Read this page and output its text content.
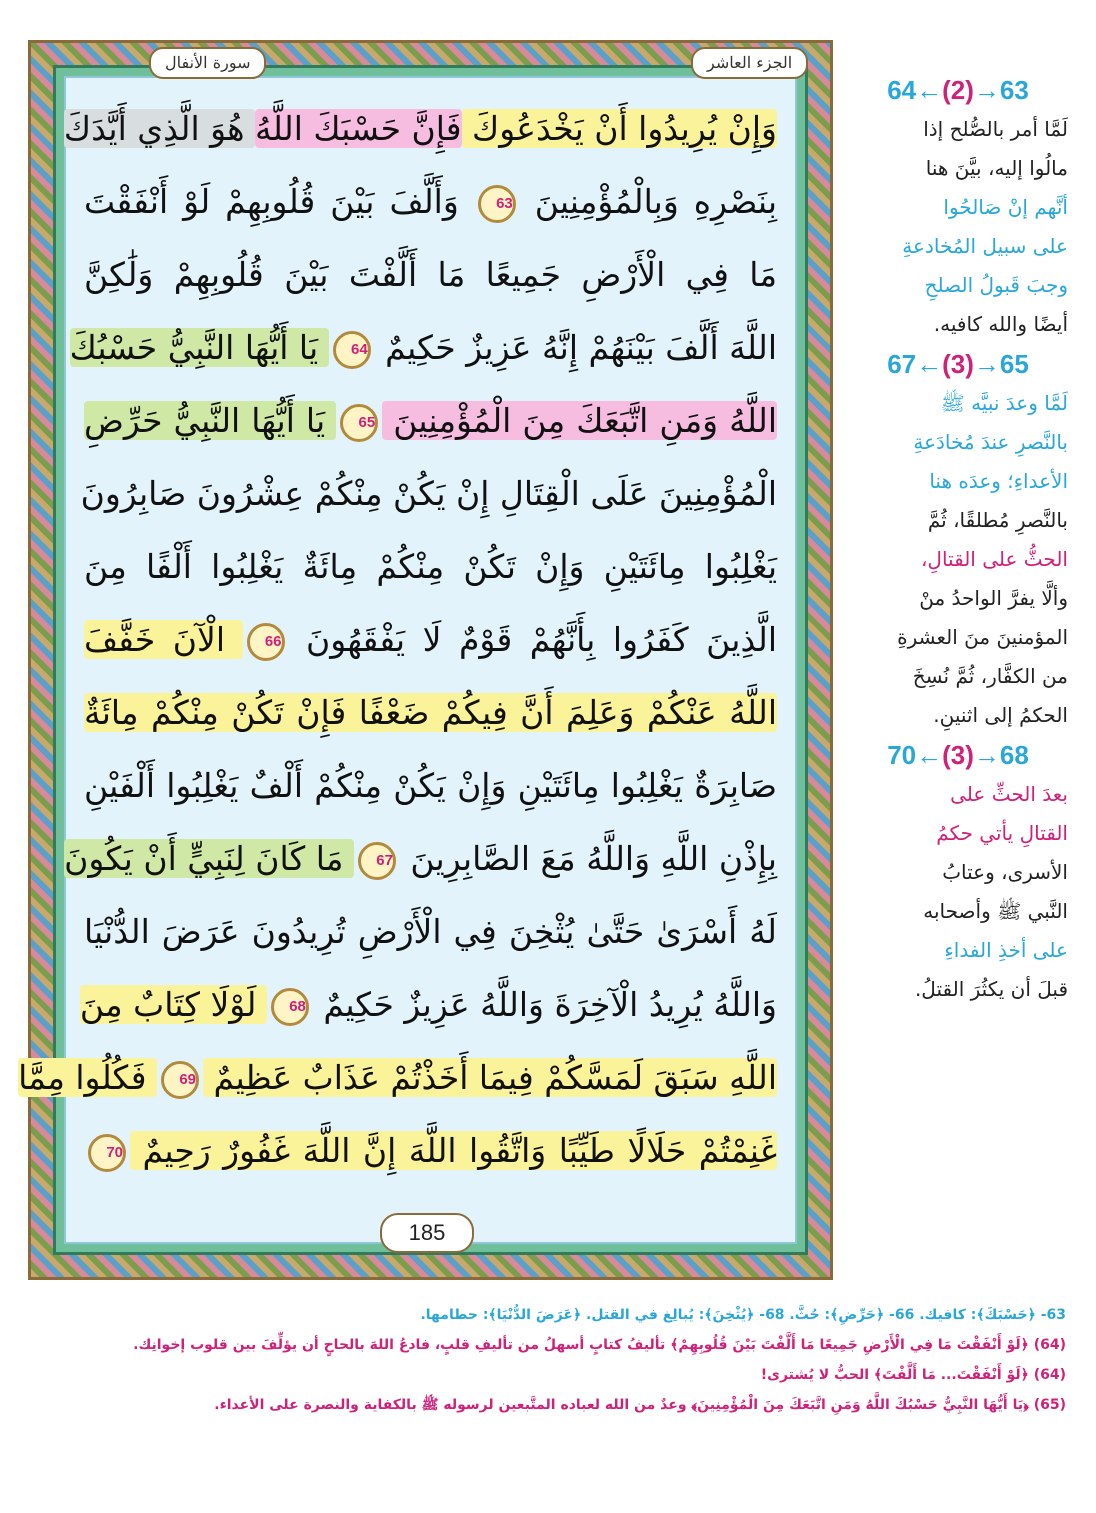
وَإِنْ يُرِيدُوا أَنْ يَخْدَعُوكَ فَإِنَّ حَسْبَكَ اللَّهُ هُوَ الَّذِي أَيَّدَكَ
بِنَصْرِهِ وَبِالْمُؤْمِنِينَ 63 وَأَلَّفَ بَيْنَ قُلُوبِهِمْ لَوْ أَنْفَقْتَ
مَا فِي الْأَرْضِ جَمِيعًا مَا أَلَّفْتَ بَيْنَ قُلُوبِهِمْ وَلَٰكِنَّ
اللَّهَ أَلَّفَ بَيْنَهُمْ إِنَّهُ عَزِيزٌ حَكِيمٌ 64 يَا أَيُّهَا النَّبِيُّ حَسْبُكَ
اللَّهُ وَمَنِ اتَّبَعَكَ مِنَ الْمُؤْمِنِينَ 65 يَا أَيُّهَا النَّبِيُّ حَرِّضِ
الْمُؤْمِنِينَ عَلَى الْقِتَالِ إِنْ يَكُنْ مِنْكُمْ عِشْرُونَ صَابِرُونَ
يَغْلِبُوا مِائَتَيْنِ وَإِنْ تَكُنْ مِنْكُمْ مِائَةٌ يَغْلِبُوا أَلْفًا مِنَ
الَّذِينَ كَفَرُوا بِأَنَّهُمْ قَوْمٌ لَا يَفْقَهُونَ 66 الْآنَ خَفَّفَ
اللَّهُ عَنْكُمْ وَعَلِمَ أَنَّ فِيكُمْ ضَعْفًا فَإِنْ تَكُنْ مِنْكُمْ مِائَةٌ
صَابِرَةٌ يَغْلِبُوا مِائَتَيْنِ وَإِنْ يَكُنْ مِنْكُمْ أَلْفٌ يَغْلِبُوا أَلْفَيْنِ
بِإِذْنِ اللَّهِ وَاللَّهُ مَعَ الصَّابِرِينَ 67 مَا كَانَ لِنَبِيٍّ أَنْ يَكُونَ
لَهُ أَسْرَىٰ حَتَّىٰ يُثْخِنَ فِي الْأَرْضِ تُرِيدُونَ عَرَضَ الدُّنْيَا
وَاللَّهُ يُرِيدُ الْآخِرَةَ وَاللَّهُ عَزِيزٌ حَكِيمٌ 68 لَوْلَا كِتَابٌ مِنَ
اللَّهِ سَبَقَ لَمَسَّكُمْ فِيمَا أَخَذْتُمْ عَذَابٌ عَظِيمٌ 69 فَكُلُوا مِمَّا
غَنِمْتُمْ حَلَالًا طَيِّبًا وَاتَّقُوا اللَّهَ إِنَّ اللَّهَ غَفُورٌ رَحِيمٌ 70
الجزء العاشر
سورة الأنفال
185
64←(2)→63
لَمَّا أمر بالصُّلح إذا
مالُوا إليه، بيَّنَ هنا
أنَّهم إنْ صَالحُوا
على سبيل المُخادعةِ
وجبَ قَبولُ الصلحِ
أيضًا والله كافيه.
67←(3)→65
لَمَّا وعدَ نبيَّه ﷺ
بالنَّصرِ عندَ مُخادَعةِ
الأعداءِ؛ وعدَه هنا
بالنَّصرِ مُطلقًا، ثُمَّ
الحثُّ على القتالِ،
وألَّا يفرَّ الواحدُ منْ
المؤمنينَ منَ العشرةِ
من الكفَّار، ثُمَّ نُسِخَ
الحكمُ إلى اثنينِ.
70←(3)→68
بعدَ الحثِّ على
القتالِ يأتي حكمُ
الأسرى، وعتابُ
النَّبي ﷺ وأصحابه
على أخذِ الفداءِ
قبلَ أن يكثُرَ القتلُ.
63- ﴿حَسْبَكَ﴾: كافيك. 66- ﴿حَرِّضِ﴾: حُثَّ. 68- ﴿يُثْخِنَ﴾: يُبالِغ في القتل. ﴿عَرَضَ الدُّنْيَا﴾: حطامها.
(64) ﴿لَوْ أَنْفَقْتَ مَا فِي الْأَرْضِ جَمِيعًا مَا أَلَّفْتَ بَيْنَ قُلُوبِهِمْ﴾ تأليفُ كتابٍ أسهلُ من تأليفِ قلبٍ، فادعُ اللهَ بالحاحٍ أن يؤلِّفَ بين قلوب إخوانِك.
(64) ﴿لَوْ أَنْفَقْتَ... مَا أَلَّفْتَ﴾ الحبُّ لا يُشترى!
(65) ﴿يَا أَيُّهَا النَّبِيُّ حَسْبُكَ اللَّهُ وَمَنِ اتَّبَعَكَ مِنَ الْمُؤْمِنِينَ﴾ وعدٌ من الله لعباده المتَّبعين لرسوله ﷺ بالكفاية والنصرة على الأعداء.
